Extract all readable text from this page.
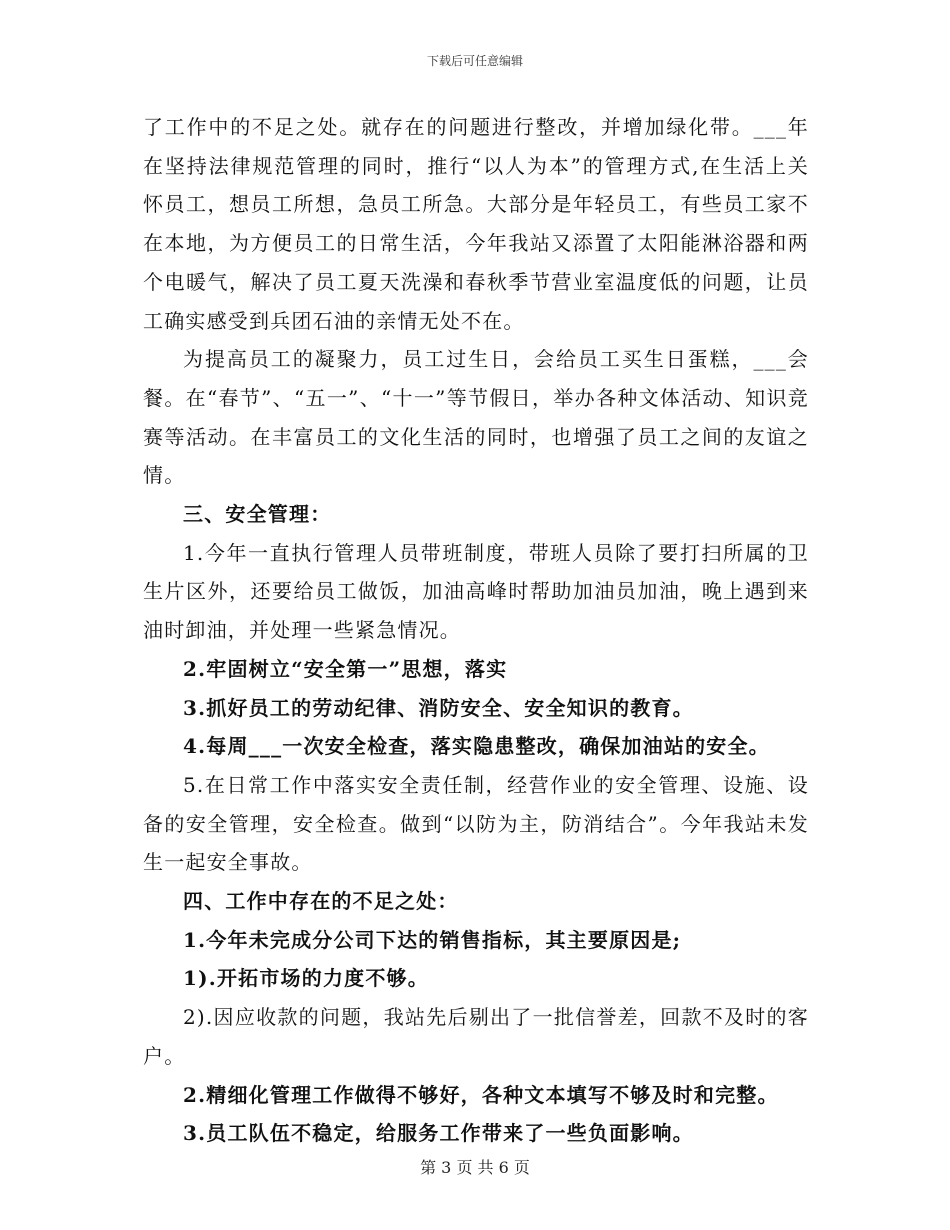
下载后可任意编辑

了工作中的不足之处。就存在的问题进行整改，并增加绿化带。___年在坚持法律规范管理的同时，推行“以人为本”的管理方式,在生活上关怀员工，想员工所想，急员工所急。大部分是年轻员工，有些员工家不在本地，为方便员工的日常生活，今年我站又添置了太阳能淋浴器和两个电暖气，解决了员工夏天洗澡和春秋季节营业室温度低的问题，让员工确实感受到兵团石油的亲情无处不在。

为提高员工的凝聚力，员工过生日，会给员工买生日蛋糕，___会餐。在“春节”、“五一”、“十一”等节假日，举办各种文体活动、知识竞赛等活动。在丰富员工的文化生活的同时，也增强了员工之间的友谊之情。

三、安全管理：

1.今年一直执行管理人员带班制度，带班人员除了要打扫所属的卫生片区外，还要给员工做饭，加油高峰时帮助加油员加油，晚上遇到来油时卸油，并处理一些紧急情况。

2.牢固树立“安全第一”思想，落实

3.抓好员工的劳动纪律、消防安全、安全知识的教育。

4.每周___一次安全检查，落实隐患整改，确保加油站的安全。

5.在日常工作中落实安全责任制，经营作业的安全管理、设施、设备的安全管理，安全检查。做到“以防为主，防消结合”。今年我站未发生一起安全事故。

四、工作中存在的不足之处：

1.今年未完成分公司下达的销售指标，其主要原因是;

1).开拓市场的力度不够。

2).因应收款的问题，我站先后剔出了一批信誉差，回款不及时的客户。

2.精细化管理工作做得不够好，各种文本填写不够及时和完整。

3.员工队伍不稳定，给服务工作带来了一些负面影响。

第 3 页 共 6 页
